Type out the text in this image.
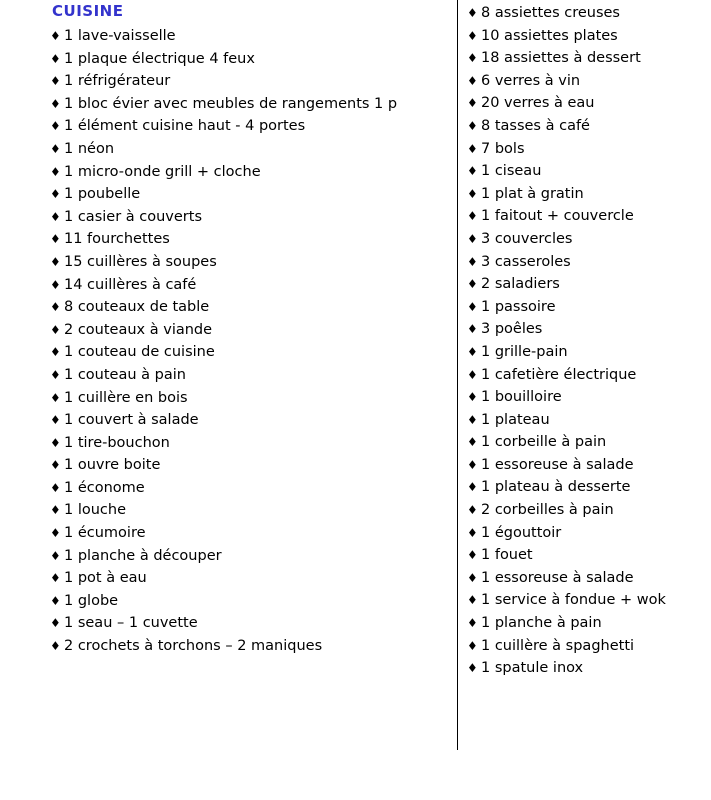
CUISINE
♦ 1 lave-vaisselle
♦ 1 plaque électrique 4 feux
♦ 1 réfrigérateur
♦ 1 bloc évier avec meubles de rangements 1 p
♦ 1 élément cuisine haut - 4 portes
♦ 1 néon
♦ 1 micro-onde grill + cloche
♦ 1 poubelle
♦ 1 casier à couverts
♦ 11 fourchettes
♦ 15 cuillères à soupes
♦ 14 cuillères à café
♦ 8 couteaux de table
♦ 2 couteaux à viande
♦ 1 couteau de cuisine
♦ 1 couteau à pain
♦ 1 cuillère en bois
♦ 1 couvert à salade
♦ 1 tire-bouchon
♦ 1 ouvre boite
♦ 1 économe
♦ 1 louche
♦ 1 écumoire
♦ 1 planche à découper
♦ 1 pot à eau
♦ 1 globe
♦ 1 seau – 1 cuvette
♦ 2 crochets à torchons – 2 maniques
♦ 8 assiettes creuses
♦ 10 assiettes plates
♦ 18 assiettes à dessert
♦ 6 verres à vin
♦ 20 verres à eau
♦ 8 tasses à café
♦ 7 bols
♦ 1 ciseau
♦ 1 plat à gratin
♦ 1 faitout + couvercle
♦ 3 couvercles
♦ 3 casseroles
♦ 2 saladiers
♦ 1 passoire
♦ 3 poêles
♦ 1 grille-pain
♦ 1 cafetière électrique
♦ 1 bouilloire
♦ 1 plateau
♦ 1 corbeille à pain
♦ 1 essoreuse à salade
♦ 1 plateau à desserte
♦ 2 corbeilles à pain
♦ 1 égouttoir
♦ 1 fouet
♦ 1 essoreuse à salade
♦ 1 service à fondue + wok
♦ 1 planche à pain
♦ 1 cuillère à spaghetti
♦ 1 spatule inox
